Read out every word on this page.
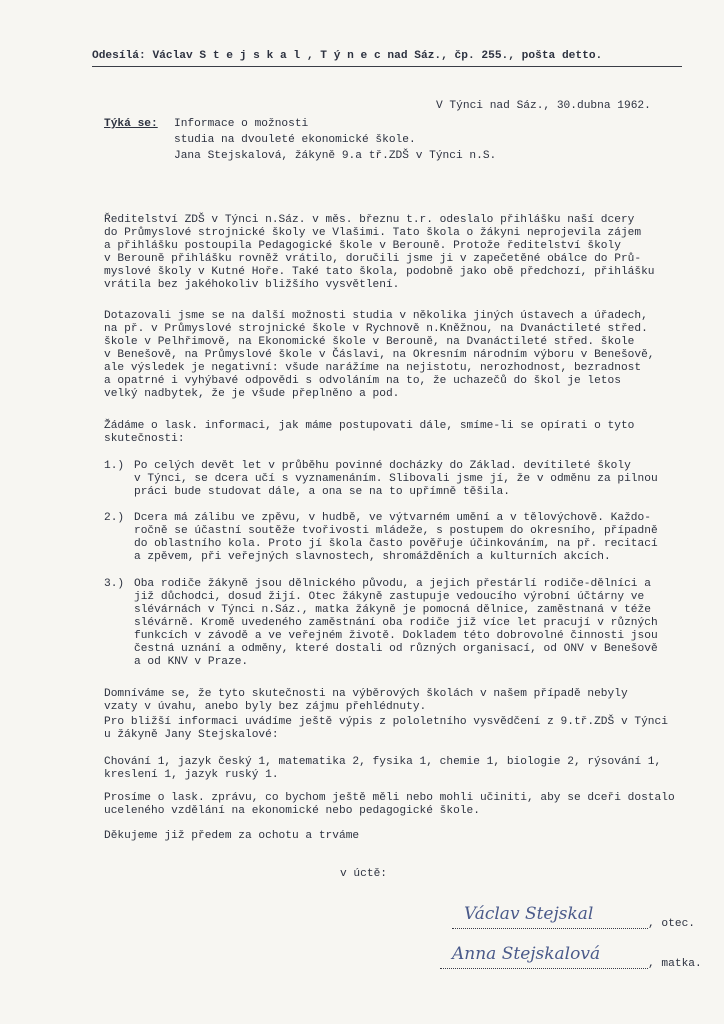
Odesílá: Václav S t e j s k a l , T ý n e c nad Sáz., čp. 255., pošta detto.
V Týnci nad Sáz., 30.dubna 1962.
Týká se: Informace o možnosti
studia na dvouleté ekonomické škole.
Jana Stejskalová, žákyně 9.a tř.ZDŠ v Týnci n.S.
Ředitelství ZDŠ v Týnci n.Sáz. v měs. březnu t.r. odeslalo přihlášku naší dcery
do Průmyslové strojnické školy ve Vlašimi. Tato škola o žákyni neprojevila zájem
a přihlášku postoupila Pedagogické škole v Berouně. Protože ředitelství školy
v Berouně přihlášku rovněž vrátilo, doručili jsme ji v zapečetěné obálce do Prů-
myslové školy v Kutné Hoře. Také tato škola, podobně jako obě předchozí, přihlášku
vrátila bez jakéhokoliv bližšího vysvětlení.
Dotazovali jsme se na další možnosti studia v několika jiných ústavech a úřadech,
na př. v Průmyslové strojnické škole v Rychnově n.Kněžnou, na Dvanáctileté střed.
škole v Pelhřimově, na Ekonomické škole v Berouně, na Dvanáctileté střed. škole
v Benešově, na Průmyslové škole v Čáslavi, na Okresním národním výboru v Benešově,
ale výsledek je negativní: všude narážíme na nejistotu, nerozhodnost, bezradnost
a opatrné i vyhýbavé odpovědi s odvoláním na to, že uchazečů do škol je letos
velký nadbytek, že je všude přeplněno a pod.
Žádáme o lask. informaci, jak máme postupovati dále, smíme-li se opírati o tyto
skutečnosti:
1.) Po celých devět let v průběhu povinné docházky do Základ. devítileté školy
v Týnci, se dcera učí s vyznamenáním. Slibovali jsme jí, že v odměnu za pilnou
práci bude studovat dále, a ona se na to upřímně těšila.
2.) Dcera má zálibu ve zpěvu, v hudbě, ve výtvarném umění a v tělovýchově. Každo-
ročně se účastní soutěže tvořivosti mládeže, s postupem do okresního, případně
do oblastního kola. Proto jí škola často pověřuje účinkováním, na př. recitací
a zpěvem, při veřejných slavnostech, shromážděních a kulturních akcích.
3.) Oba rodiče žákyně jsou dělnického původu, a jejich přestárlí rodiče-dělníci a
již důchodci, dosud žijí. Otec žákyně zastupuje vedoucího výrobní účtárny ve
slévárnách v Týnci n.Sáz., matka žákyně je pomocná dělnice, zaměstnaná v téže
slévárně. Kromě uvedeného zaměstnání oba rodiče již více let pracují v různých
funkcích v závodě a ve veřejném životě. Dokladem této dobrovolné činnosti jsou
čestná uznání a odměny, které dostali od různých organisací, od ONV v Benešově
a od KNV v Praze.
Domníváme se, že tyto skutečnosti na výběrových školách v našem případě nebyly
vzaty v úvahu, anebo byly bez zájmu přehlédnuty.
Pro bližší informaci uvádíme ještě výpis z pololetního vysvědčení z 9.tř.ZDŠ v Týnci
u žákyně Jany Stejskalové:
Chování 1, jazyk český 1, matematika 2, fysika 1, chemie 1, biologie 2, rýsování 1,
kreslení 1, jazyk ruský 1.
Prosíme o lask. zprávu, co bychom ještě měli nebo mohli učiniti, aby se dceři dostalo
uceleného vzdělání na ekonomické nebo pedagogické škole.
Děkujeme již předem za ochotu a trváme
v úctě:
Václav Stejskal	, otec.
Anna Stejskalová	, matka.
